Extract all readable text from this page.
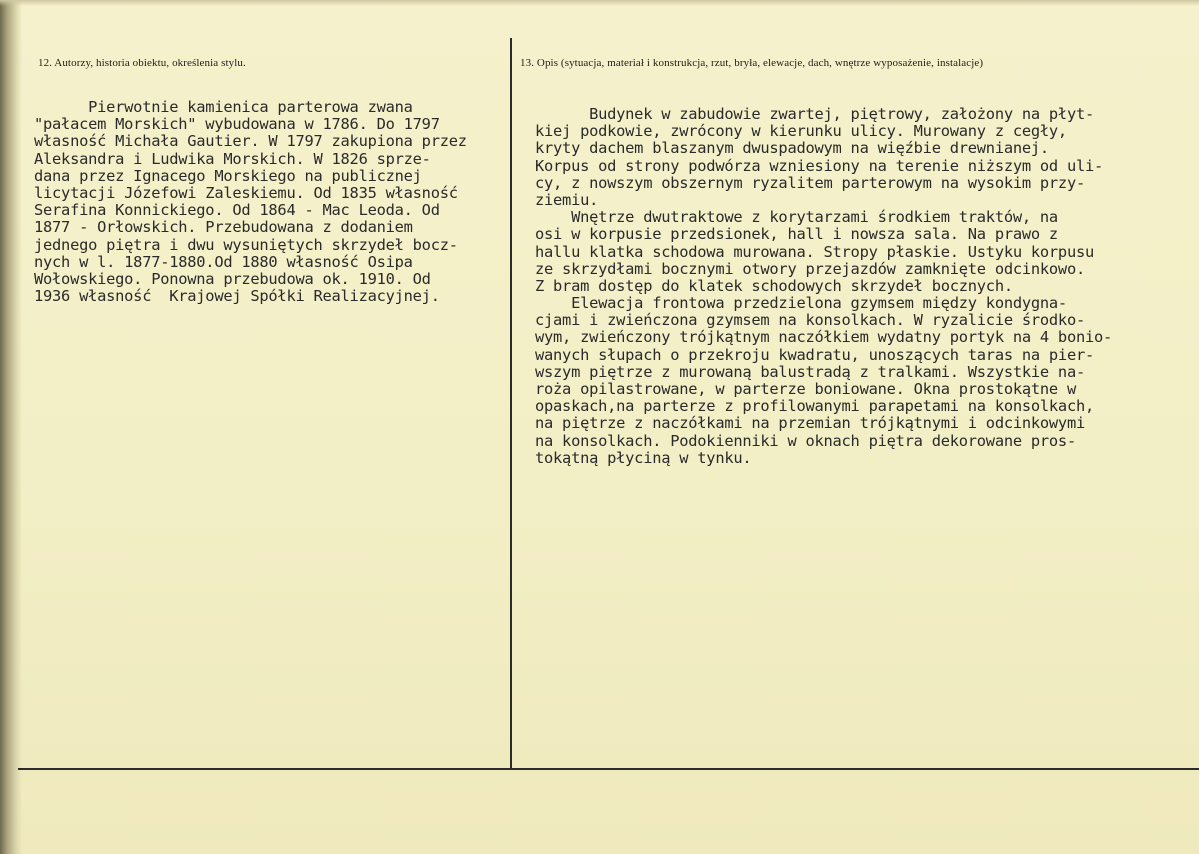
12. Autorzy, historia obiektu, określenia stylu.	13. Opis (sytuacja, materiał i konstrukcja, rzut, bryła, elewacje, dach, wnętrze wyposażenie, instalacje)
Pierwotnie kamienica parterowa zwana
"pałacem Morskich" wybudowana w 1786. Do 1797
własność Michała Gautier. W 1797 zakupiona przez
Aleksandra i Ludwika Morskich. W 1826 sprze-
dana przez Ignacego Morskiego na publicznej
licytacji Józefowi Zaleskiemu. Od 1835 własność
Serafina Konnickiego. Od 1864 - Mac Leoda. Od
1877 - Orłowskich. Przebudowana z dodaniem
jednego piętra i dwu wysuniętych skrzydeł bocz-
nych w l. 1877-1880.Od 1880 własność Osipa
Wołowskiego. Ponowna przebudowa ok. 1910. Od
1936 własność  Krajowej Spółki Realizacyjnej.
Budynek w zabudowie zwartej, piętrowy, założony na płyt-
kiej podkowie, zwrócony w kierunku ulicy. Murowany z cegły,
kryty dachem blaszanym dwuspadowym na więźbie drewnianej.
Korpus od strony podwórza wzniesiony na terenie niższym od uli-
cy, z nowszym obszernym ryzalitem parterowym na wysokim przy-
ziemiu.
Wnętrze dwutraktowe z korytarzami środkiem traktów, na
osi w korpusie przedsionek, hall i nowsza sala. Na prawo z
hallu klatka schodowa murowana. Stropy płaskie. Ustyku korpusu
ze skrzydłami bocznymi otwory przejazdów zamknięte odcinkowo.
Z bram dostęp do klatek schodowych skrzydeł bocznych.
Elewacja frontowa przedzielona gzymsem między kondygna-
cjami i zwieńczona gzymsem na konsolkach. W ryzalicie środko-
wym, zwieńczony trójkątnym naczółkiem wydatny portyk na 4 bonio-
wanych słupach o przekroju kwadratu, unoszących taras na pier-
wszym piętrze z murowaną balustradą z tralkami. Wszystkie na-
roża opilastrowane, w parterze boniowane. Okna prostokątne w
opaskach,na parterze z profilowanymi parapetami na konsolkach,
na piętrze z naczółkami na przemian trójkątnymi i odcinkowymi
na konsolkach. Podokienniki w oknach piętra dekorowane pros-
tokątną płyciną w tynku.
